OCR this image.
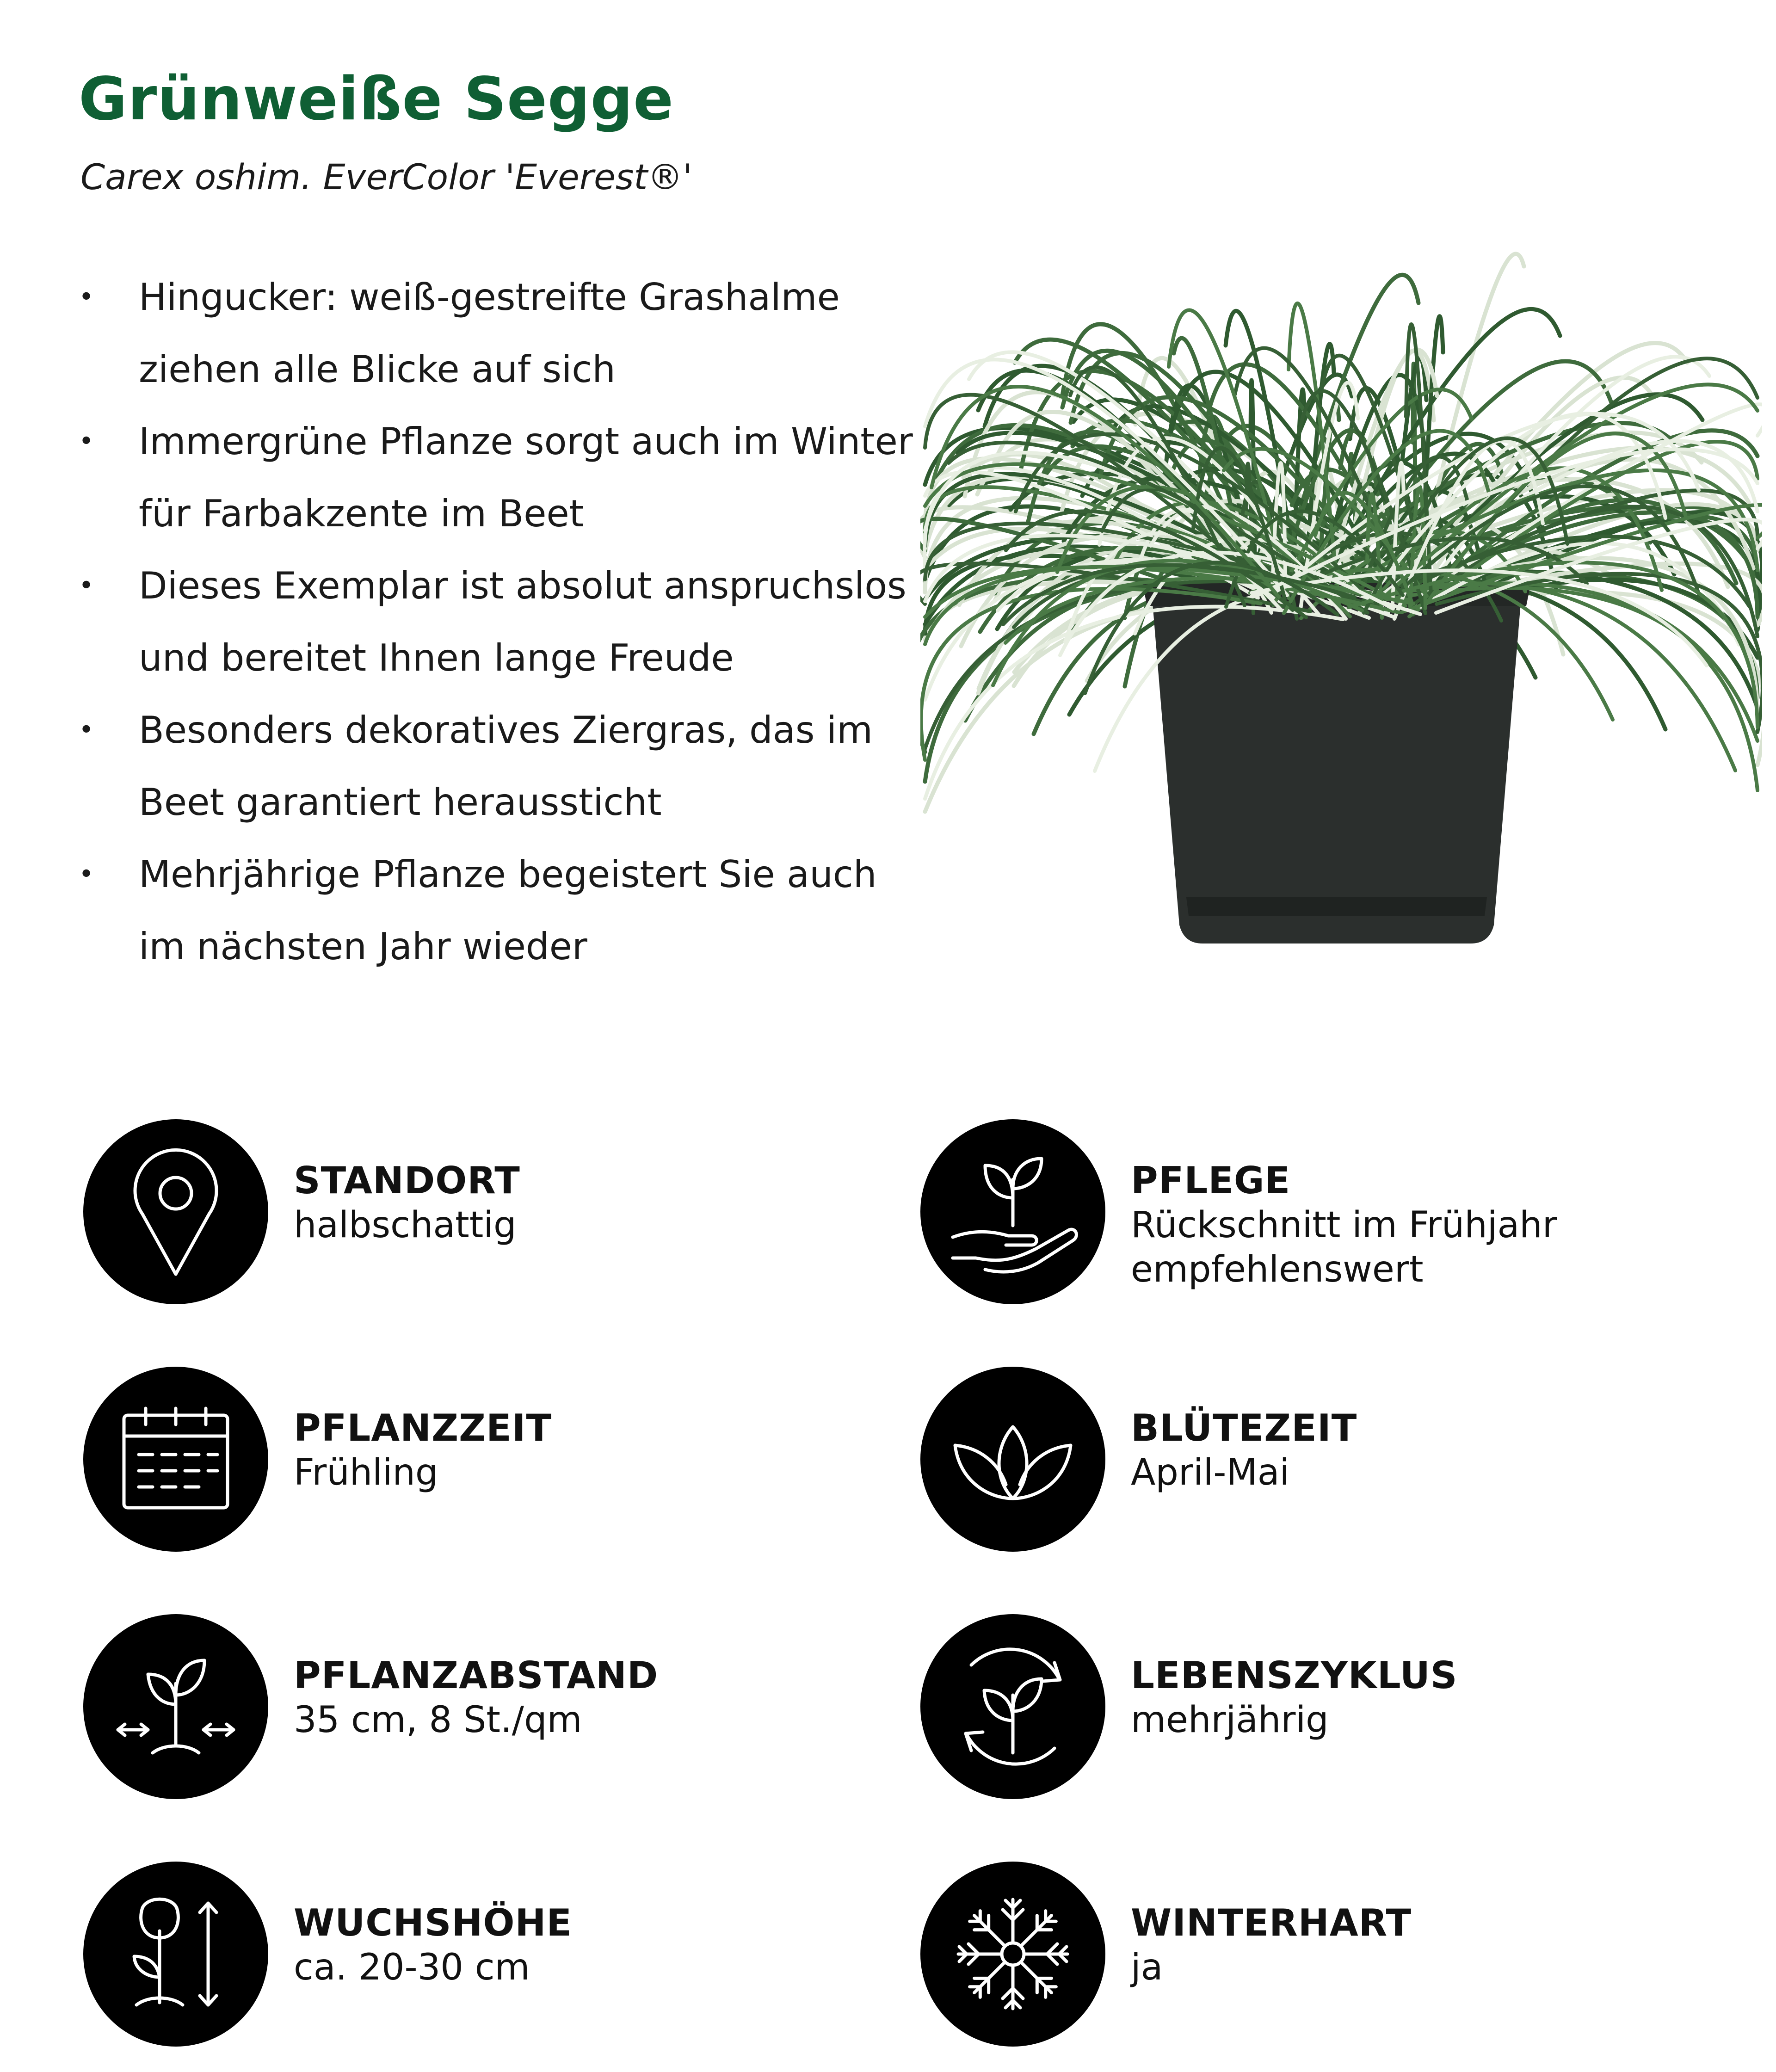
Grünweiße Segge

Carex oshim. EverColor 'Everest®'

• Hingucker: weiß-gestreifte Grashalme ziehen alle Blicke auf sich
• Immergrüne Pflanze sorgt auch im Winter für Farbakzente im Beet
• Dieses Exemplar ist absolut anspruchslos und bereitet Ihnen lange Freude
• Besonders dekoratives Ziergras, das im Beet garantiert heraussticht
• Mehrjährige Pflanze begeistert Sie auch im nächsten Jahr wieder
STANDORT
halbschattig
PFLEGE
Rückschnitt im Frühjahr empfehlenswert
PFLANZZEIT
Frühling
BLÜTEZEIT
April-Mai
PFLANZABSTAND
35 cm, 8 St./qm
LEBENSZYKLUS
mehrjährig
WUCHSHÖHE
ca. 20-30 cm
WINTERHART
ja
